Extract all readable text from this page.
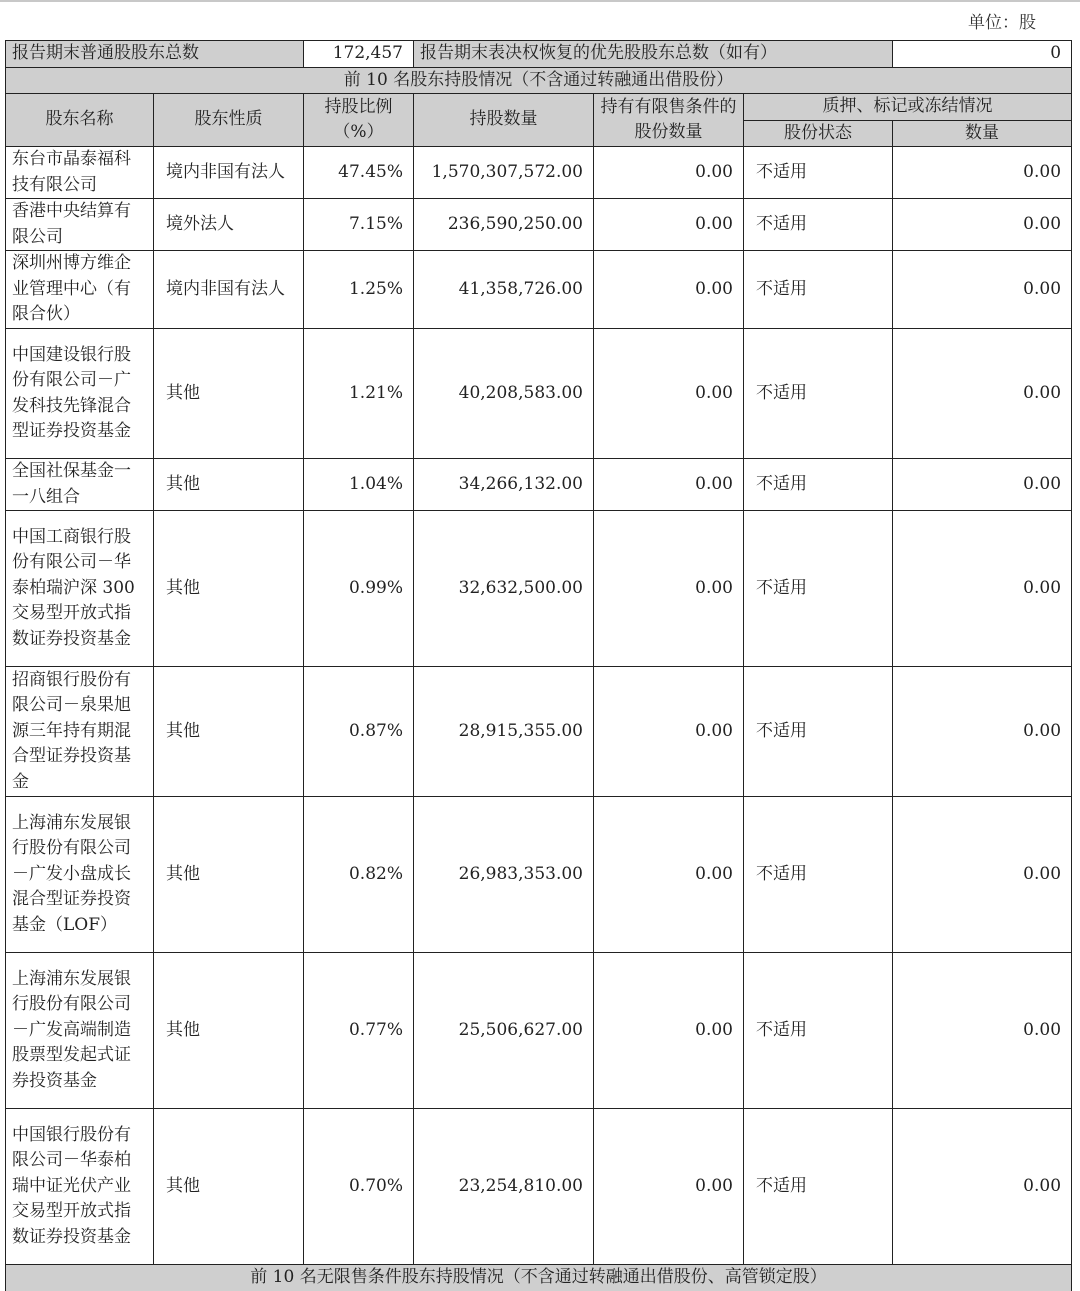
单位：股
报告期末普通股股东总数		172,457	报告期末表决权恢复的优先股股东总数（如有）			0
前 10 名股东持股情况（不含通过转融通出借股份）						
股东名称	股东性质	持股比例（%）	持股数量	持有有限售条件的股份数量	质押、标记或冻结情况	
					股份状态	数量
东台市晶泰福科技有限公司	境内非国有法人	47.45%	1,570,307,572.00	0.00	不适用	0.00
香港中央结算有限公司	境外法人	7.15%	236,590,250.00	0.00	不适用	0.00
深圳州博方维企业管理中心（有限合伙）	境内非国有法人	1.25%	41,358,726.00	0.00	不适用	0.00
中国建设银行股份有限公司－广发科技先锋混合型证券投资基金	其他	1.21%	40,208,583.00	0.00	不适用	0.00
全国社保基金一一八组合	其他	1.04%	34,266,132.00	0.00	不适用	0.00
中国工商银行股份有限公司－华泰柏瑞沪深 300 交易型开放式指数证券投资基金	其他	0.99%	32,632,500.00	0.00	不适用	0.00
招商银行股份有限公司－泉果旭源三年持有期混合型证券投资基金	其他	0.87%	28,915,355.00	0.00	不适用	0.00
上海浦东发展银行股份有限公司－广发小盘成长混合型证券投资基金（LOF）	其他	0.82%	26,983,353.00	0.00	不适用	0.00
上海浦东发展银行股份有限公司－广发高端制造股票型发起式证券投资基金	其他	0.77%	25,506,627.00	0.00	不适用	0.00
中国银行股份有限公司－华泰柏瑞中证光伏产业交易型开放式指数证券投资基金	其他	0.70%	23,254,810.00	0.00	不适用	0.00
前 10 名无限售条件股东持股情况（不含通过转融通出借股份、高管锁定股）						
